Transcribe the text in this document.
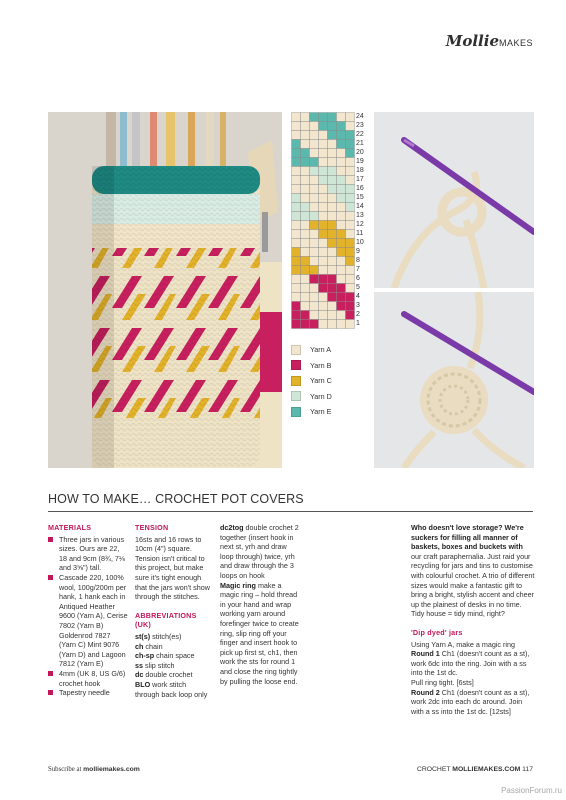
MollieMAKES
24
23
22
21
20
19
18
17
16
15
14
13
12
11
10
9
8
7
6
5
4
3
2
1
Yarn A
Yarn B
Yarn C
Yarn D
Yarn E
HOW TO MAKE… CROCHET POT COVERS
MATERIALS
Three jars in various sizes. Ours are 22, 18 and 9cm (8¾, 7⅛ and 3⅝") tall.
Cascade 220, 100% wool, 100g/200m per hank, 1 hank each in Antiqued Heather 9600 (Yarn A), Cerise 7802 (Yarn B) Goldenrod 7827 (Yarn C) Mint 9076 (Yarn D) and Lagoon 7812 (Yarn E)
4mm (UK 8, US G/6) crochet hook
Tapestry needle
TENSION

16sts and 16 rows to 10cm (4") square. Tension isn't critical to this project, but make sure it's tight enough that the jars won't show through the stitches.

ABBREVIATIONS (UK)

st(s) stitch(es)

ch chain

ch-sp chain space

ss slip stitch

dc double crochet

BLO work stitch through back loop only

dc2tog double crochet 2 together (insert hook in next st, yrh and draw loop through) twice, yrh and draw through the 3 loops on hook

Magic ring make a magic ring – hold thread in your hand and wrap working yarn around forefinger twice to create ring, slip ring off your finger and insert hook to pick up first st, ch1, then work the sts for round 1 and close the ring tightly by pulling the loose end.

Who doesn't love storage? We're suckers for filling all manner of baskets, boxes and buckets with our craft paraphernalia. Just raid your recycling for jars and tins to customise with colourful crochet. A trio of different sizes would make a fantastic gift to bring a bright, stylish accent and cheer up the plainest of desks in no time. Tidy house = tidy mind, right?

'Dip dyed' jars

Using Yarn A, make a magic ring

Round 1 Ch1 (doesn't count as a st), work 6dc into the ring. Join with a ss into the 1st dc.

Pull ring tight. [6sts]

Round 2 Ch1 (doesn't count as a st), work 2dc into each dc around. Join with a ss into the 1st dc. [12sts]

Subscribe at molliemakes.com	CROCHET MOLLIEMAKES.COM 117
PassionForum.ru
